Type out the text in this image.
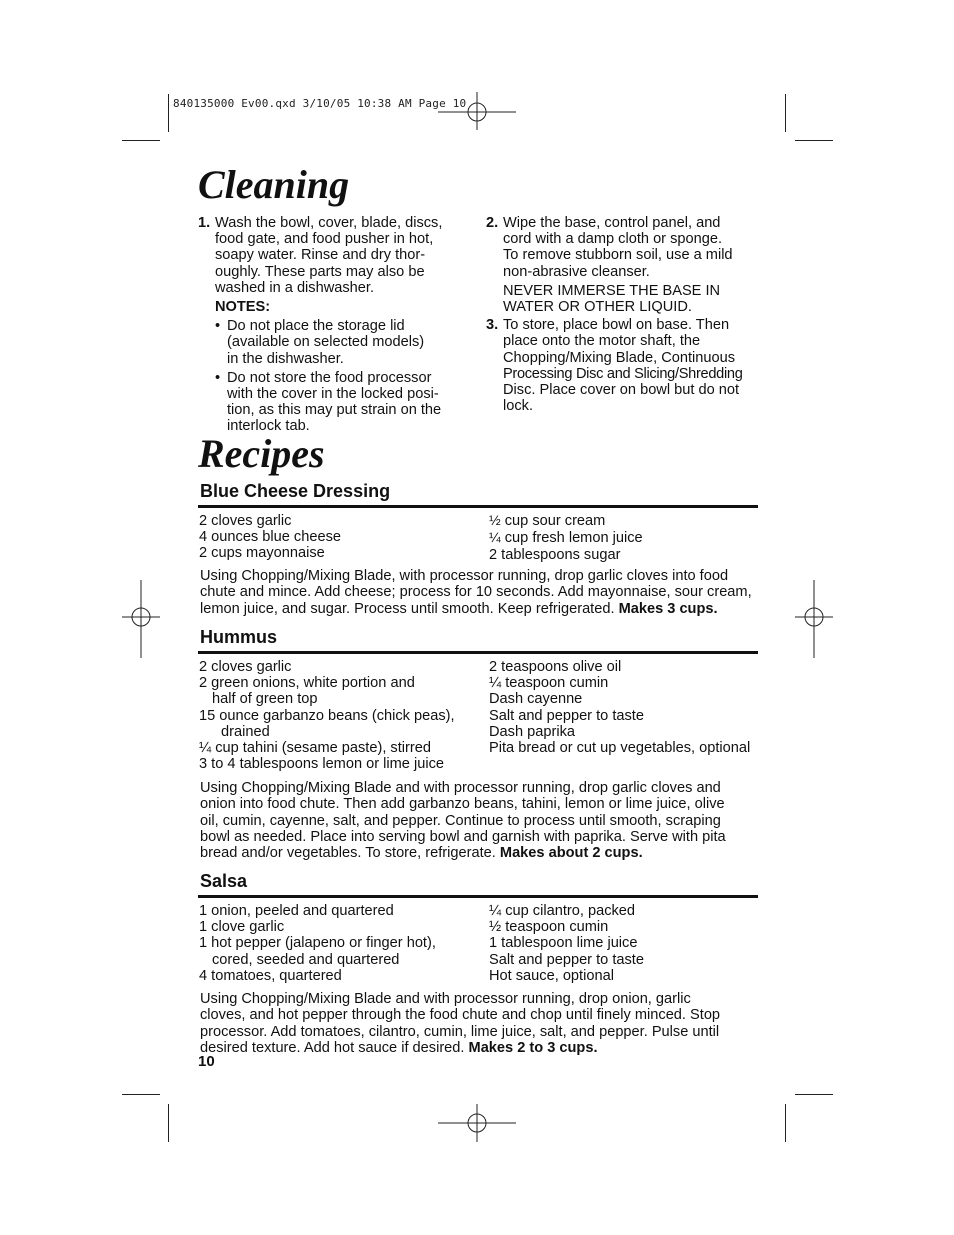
840135000 Ev00.qxd 3/10/05 10:38 AM Page 10
Cleaning
1. Wash the bowl, cover, blade, discs,
food gate, and food pusher in hot,
soapy water. Rinse and dry thor-
oughly. These parts may also be
washed in a dishwasher.
NOTES:
• Do not place the storage lid
(available on selected models)
in the dishwasher.
• Do not store the food processor
with the cover in the locked posi-
tion, as this may put strain on the
interlock tab.
2. Wipe the base, control panel, and
cord with a damp cloth or sponge.
To remove stubborn soil, use a mild
non-abrasive cleanser.
NEVER IMMERSE THE BASE IN
WATER OR OTHER LIQUID.
3. To store, place bowl on base. Then
place onto the motor shaft, the
Chopping/Mixing Blade, Continuous
Processing Disc and Slicing/Shredding
Disc. Place cover on bowl but do not
lock.
Recipes
Blue Cheese Dressing
2 cloves garlic
4 ounces blue cheese
2 cups mayonnaise
½ cup sour cream
¼ cup fresh lemon juice
2 tablespoons sugar
Using Chopping/Mixing Blade, with processor running, drop garlic cloves into food
chute and mince. Add cheese; process for 10 seconds. Add mayonnaise, sour cream,
lemon juice, and sugar. Process until smooth. Keep refrigerated. Makes 3 cups.
Hummus
2 cloves garlic
2 green onions, white portion and
half of green top
15 ounce garbanzo beans (chick peas),
drained
¼ cup tahini (sesame paste), stirred
3 to 4 tablespoons lemon or lime juice
2 teaspoons olive oil
¼ teaspoon cumin
Dash cayenne
Salt and pepper to taste
Dash paprika
Pita bread or cut up vegetables, optional
Using Chopping/Mixing Blade and with processor running, drop garlic cloves and
onion into food chute. Then add garbanzo beans, tahini, lemon or lime juice, olive
oil, cumin, cayenne, salt, and pepper. Continue to process until smooth, scraping
bowl as needed. Place into serving bowl and garnish with paprika. Serve with pita
bread and/or vegetables. To store, refrigerate. Makes about 2 cups.
Salsa
1 onion, peeled and quartered
1 clove garlic
1 hot pepper (jalapeno or finger hot),
cored, seeded and quartered
4 tomatoes, quartered
¼ cup cilantro, packed
½ teaspoon cumin
1 tablespoon lime juice
Salt and pepper to taste
Hot sauce, optional
Using Chopping/Mixing Blade and with processor running, drop onion, garlic
cloves, and hot pepper through the food chute and chop until finely minced. Stop
processor. Add tomatoes, cilantro, cumin, lime juice, salt, and pepper. Pulse until
desired texture. Add hot sauce if desired. Makes 2 to 3 cups.
10
